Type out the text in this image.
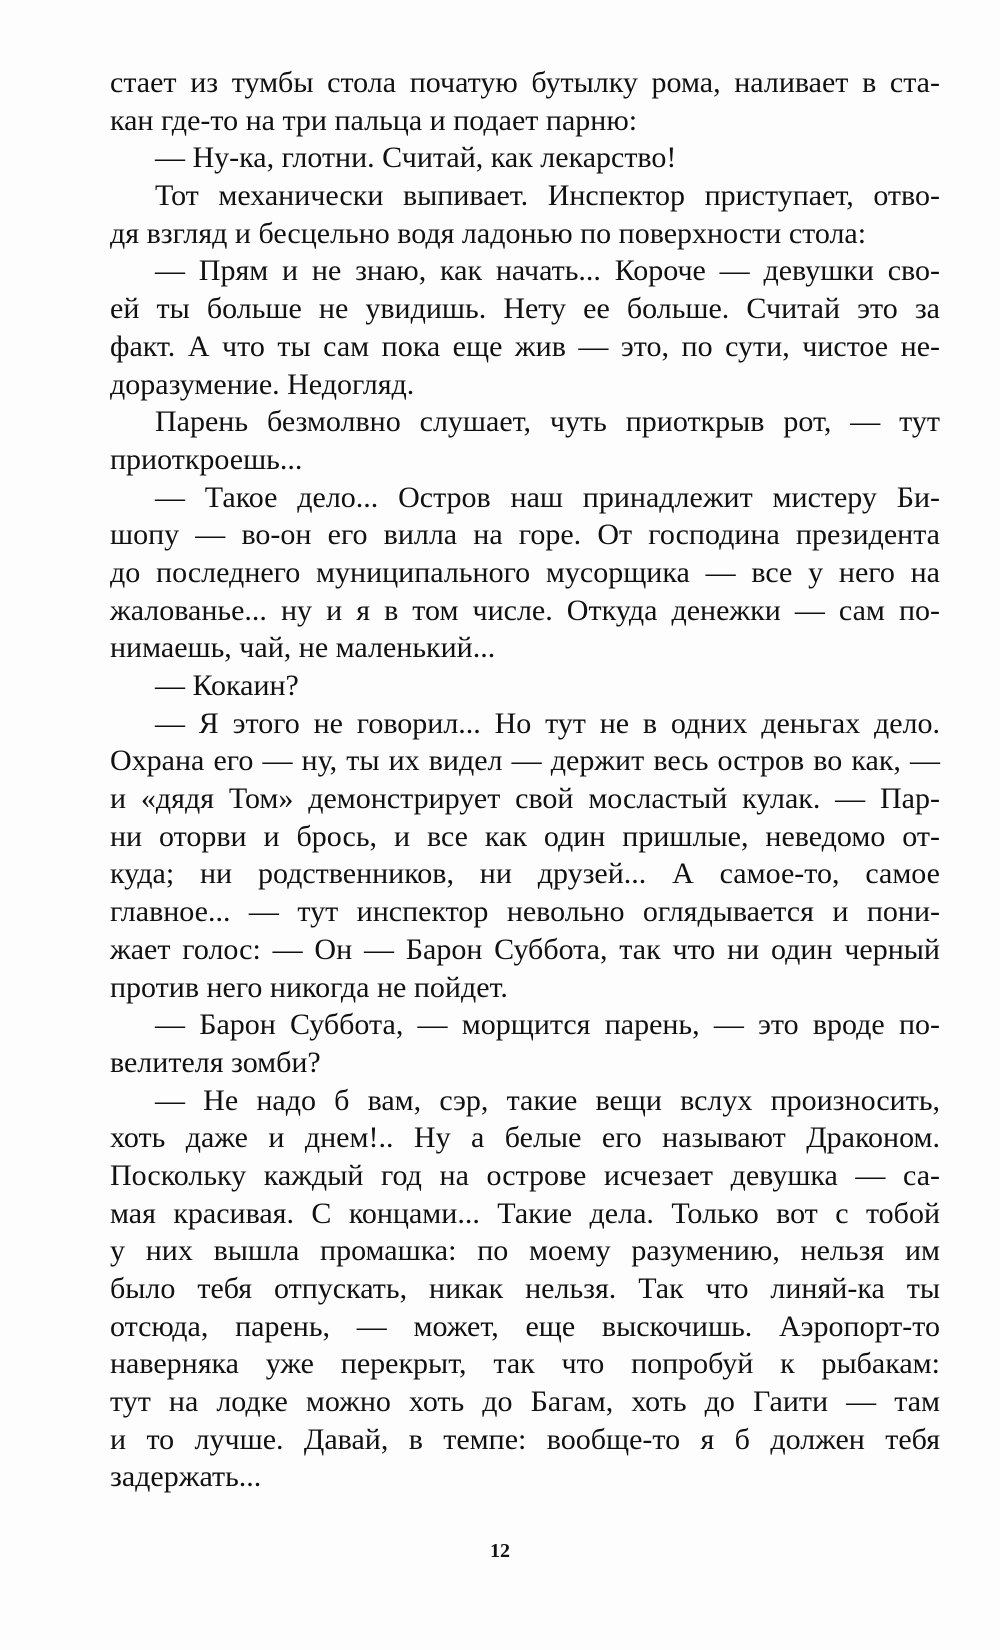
стает из тумбы стола початую бутылку рома, наливает в ста-
кан где-то на три пальца и подает парню:
— Ну-ка, глотни. Считай, как лекарство!
Тот механически выпивает. Инспектор приступает, отво-
дя взгляд и бесцельно водя ладонью по поверхности стола:
— Прям и не знаю, как начать... Короче — девушки сво-
ей ты больше не увидишь. Нету ее больше. Считай это за
факт. А что ты сам пока еще жив — это, по сути, чистое не-
доразумение. Недогляд.
Парень безмолвно слушает, чуть приоткрыв рот, — тут
приоткроешь...
— Такое дело... Остров наш принадлежит мистеру Би-
шопу — во-он его вилла на горе. От господина президента
до последнего муниципального мусорщика — все у него на
жалованье... ну и я в том числе. Откуда денежки — сам по-
нимаешь, чай, не маленький...
— Кокаин?
— Я этого не говорил... Но тут не в одних деньгах дело.
Охрана его — ну, ты их видел — держит весь остров во как, —
и «дядя Том» демонстрирует свой мосластый кулак. — Пар-
ни оторви и брось, и все как один пришлые, неведомо от-
куда; ни родственников, ни друзей... А самое-то, самое
главное... — тут инспектор невольно оглядывается и пони-
жает голос: — Он — Барон Суббота, так что ни один черный
против него никогда не пойдет.
— Барон Суббота, — морщится парень, — это вроде по-
велителя зомби?
— Не надо б вам, сэр, такие вещи вслух произносить,
хоть даже и днем!.. Ну а белые его называют Драконом.
Поскольку каждый год на острове исчезает девушка — са-
мая красивая. С концами... Такие дела. Только вот с тобой
у них вышла промашка: по моему разумению, нельзя им
было тебя отпускать, никак нельзя. Так что линяй-ка ты
отсюда, парень, — может, еще выскочишь. Аэропорт-то
наверняка уже перекрыт, так что попробуй к рыбакам:
тут на лодке можно хоть до Багам, хоть до Гаити — там
и то лучше. Давай, в темпе: вообще-то я б должен тебя
задержать...
12
